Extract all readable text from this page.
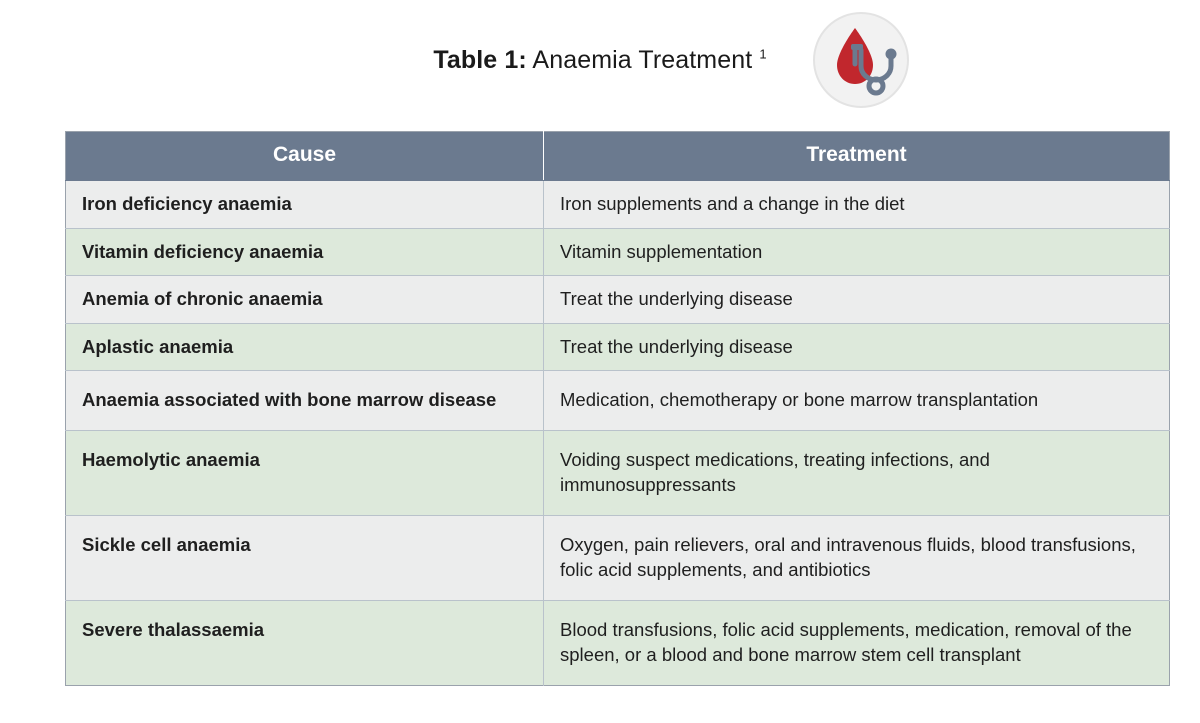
Table 1: Anaemia Treatment $^1$
Cause	Treatment
Iron deficiency anaemia	Iron supplements and a change in the diet
Vitamin deficiency anaemia	Vitamin supplementation
Anemia of chronic anaemia	Treat the underlying disease
Aplastic anaemia	Treat the underlying disease
Anaemia associated with bone marrow disease	Medication, chemotherapy or bone marrow transplantation
Haemolytic anaemia	Voiding suspect medications, treating infections, and immunosuppressants
Sickle cell anaemia	Oxygen, pain relievers, oral and intravenous fluids, blood transfusions, folic acid supplements, and antibiotics
Severe thalassaemia	Blood transfusions, folic acid supplements, medication, removal of the spleen, or a blood and bone marrow stem cell transplant
